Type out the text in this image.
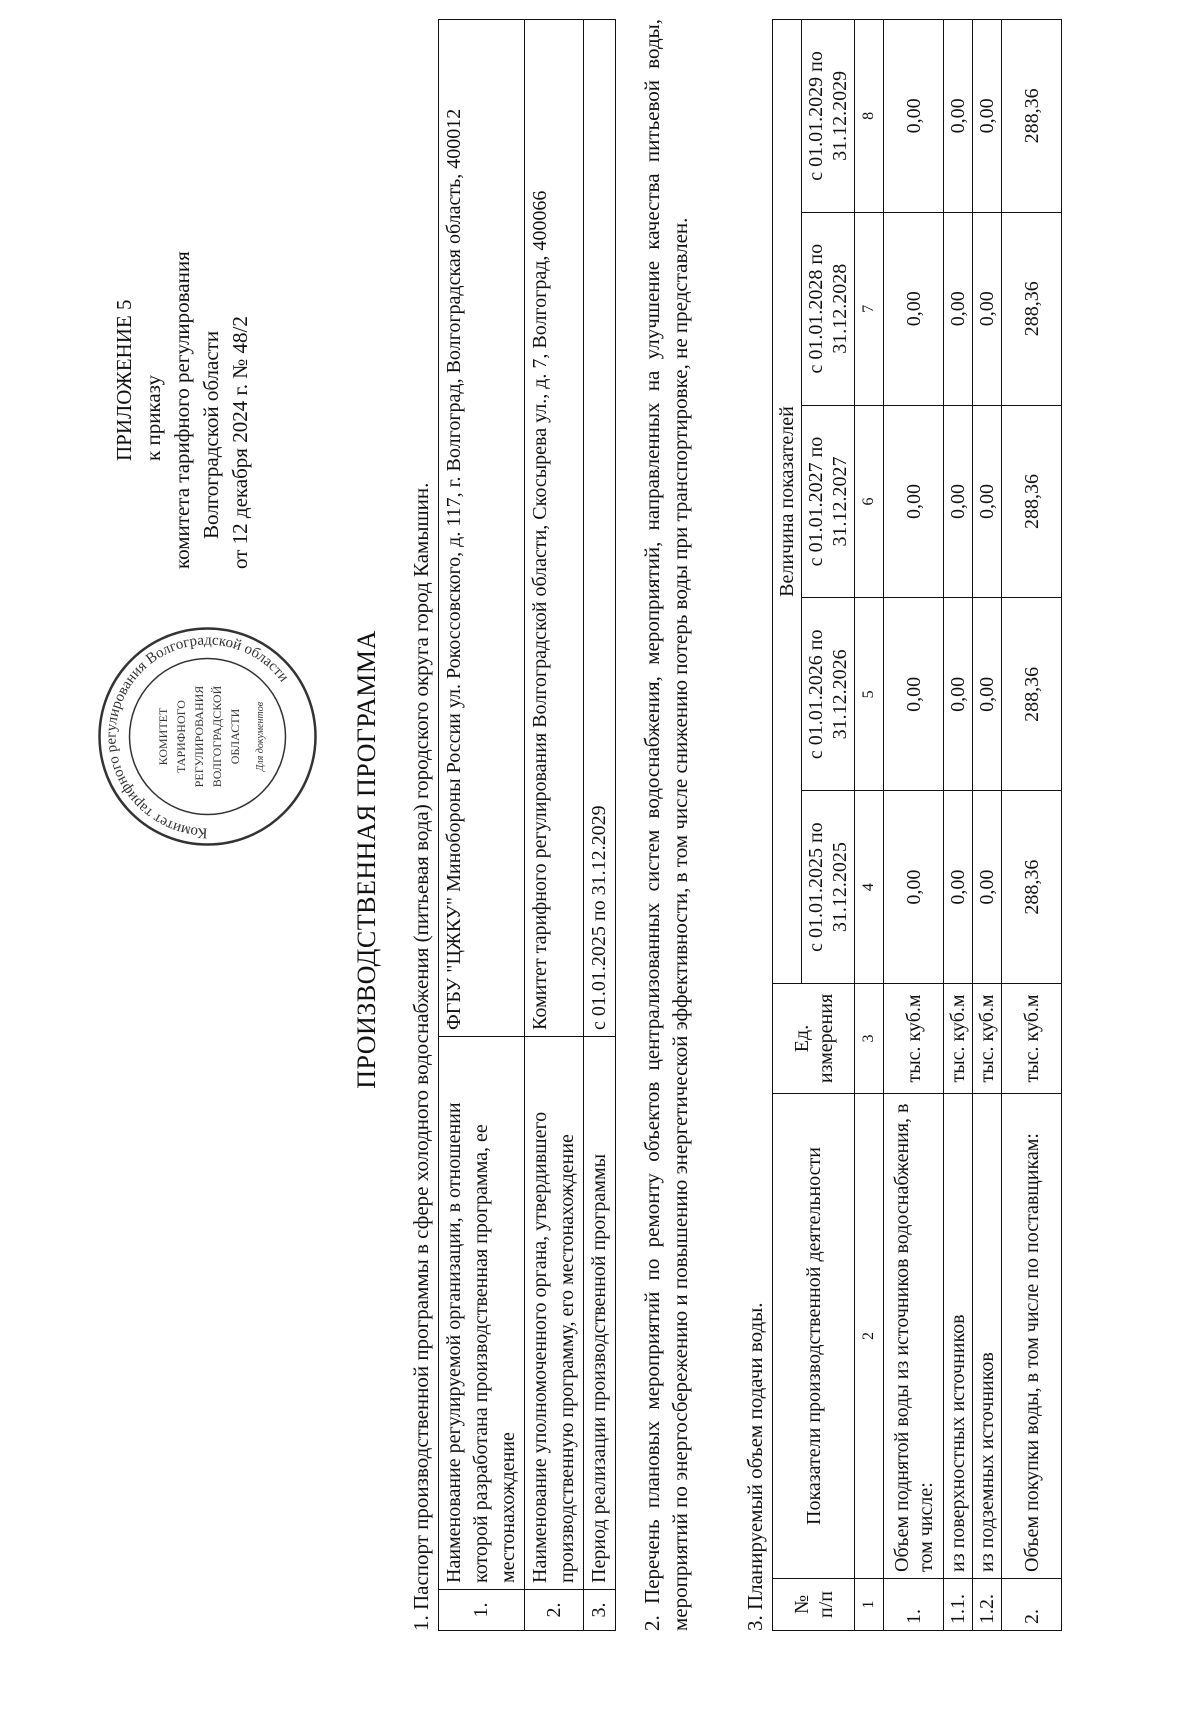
ПРИЛОЖЕНИЕ 5 к приказу комитета тарифного регулирования Волгоградской области от 12 декабря 2024 г. № 48/2
Комитет тарифного регулирования Волгоградской области
КОМИТЕТ ТАРИФНОГО РЕГУЛИРОВАНИЯ ВОЛГОГРАДСКОЙ ОБЛАСТИ Для документов	ПРОИЗВОДСТВЕННАЯ ПРОГРАММА 1. Паспорт производственной программы в сфере холодного водоснабжения (питьевая вода) городского округа город Камышин. 1.	Наименование регулируемой организации, в отношении которой разработана производственная программа, ее местонахождение	ФГБУ "ЦЖКУ" Минобороны России ул. Рокоссовского, д. 117, г. Волгоград, Волгоградская область, 400012
2.	Наименование уполномоченного органа, утвердившего производственную программу, его местонахождение	Комитет тарифного регулирования Волгоградской области, Скосырева ул., д. 7, Волгоград, 400066
3.	Период реализации производственной программы	с 01.01.2025 по 31.12.2029 2. Перечень плановых мероприятий по ремонту объектов централизованных систем водоснабжения, мероприятий, направленных на улучшение качества питьевой воды, мероприятий по энергосбережению и повышению энергетической эффективности, в том числе снижению потерь воды при транспортировке, не представлен. 3. Планируемый объем подачи воды. № п/п	Показатели производственной деятельности	Ед. измерения	Величина показателей				
			с 01.01.2025 по 31.12.2025	с 01.01.2026 по 31.12.2026	с 01.01.2027 по 31.12.2027	с 01.01.2028 по 31.12.2028	с 01.01.2029 по 31.12.2029
1	2	3	4	5	6	7	8
1.	Объем поднятой воды из источников водоснабжения, в том числе:	тыс. куб.м	0,00	0,00	0,00	0,00	0,00
1.1.	из поверхностных источников	тыс. куб.м	0,00	0,00	0,00	0,00	0,00
1.2.	из подземных источников	тыс. куб.м	0,00	0,00	0,00	0,00	0,00
2.	Объем покупки воды, в том числе по поставщикам:	тыс. куб.м	288,36	288,36	288,36	288,36	288,36
